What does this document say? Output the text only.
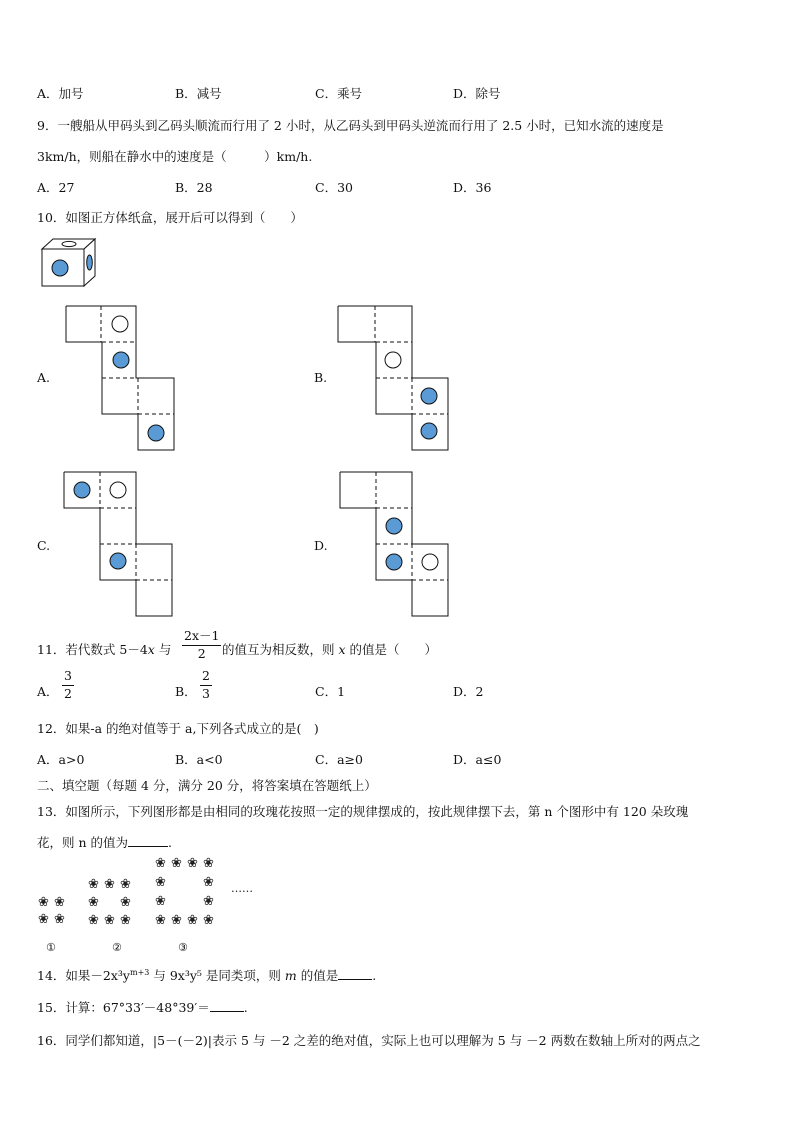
A．加号	B．减号	C．乘号	D．除号
9．一艘船从甲码头到乙码头顺流而行用了 2 小时，从乙码头到甲码头逆流而行用了 2.5 小时，已知水流的速度是
3km/h，则船在静水中的速度是（　　　）km/h.
A．27	B．28	C．30	D．36
10．如图正方体纸盒，展开后可以得到（　　）
A.	B.
C.	D.
11．若代数式 5－4x 与
2x－1
2	的值互为相反数，则 x 的值是（　　）
A．
3
2	B．
2
3	C．1	D．2
12．如果-a 的绝对值等于 a,下列各式成立的是(　)
A．a>0	B．a<0	C．a≥0	D．a≤0
二、填空题（每题 4 分，满分 20 分，将答案填在答题纸上）
13．如图所示，下列图形都是由相同的玫瑰花按照一定的规律摆成的，按此规律摆下去，第 n 个图形中有 120 朵玫瑰
花，则 n 的值为	.
❀ ❀
❀ ❀
❀ ❀ ❀
❀ ❀
❀ ❀ ❀
❀ ❀ ❀ ❀
❀	❀
❀	❀
❀ ❀ ❀ ❀
……
①	②	③
14．如果$-2x^3y^{m+3}$ 与 9x³y⁵ 是同类项，则 m 的值是	.
15．计算：67°33′－48°39′＝	.
16．同学们都知道，|5－(－2)|表示 5 与 －2 之差的绝对值，实际上也可以理解为 5 与 －2 两数在数轴上所对的两点之
